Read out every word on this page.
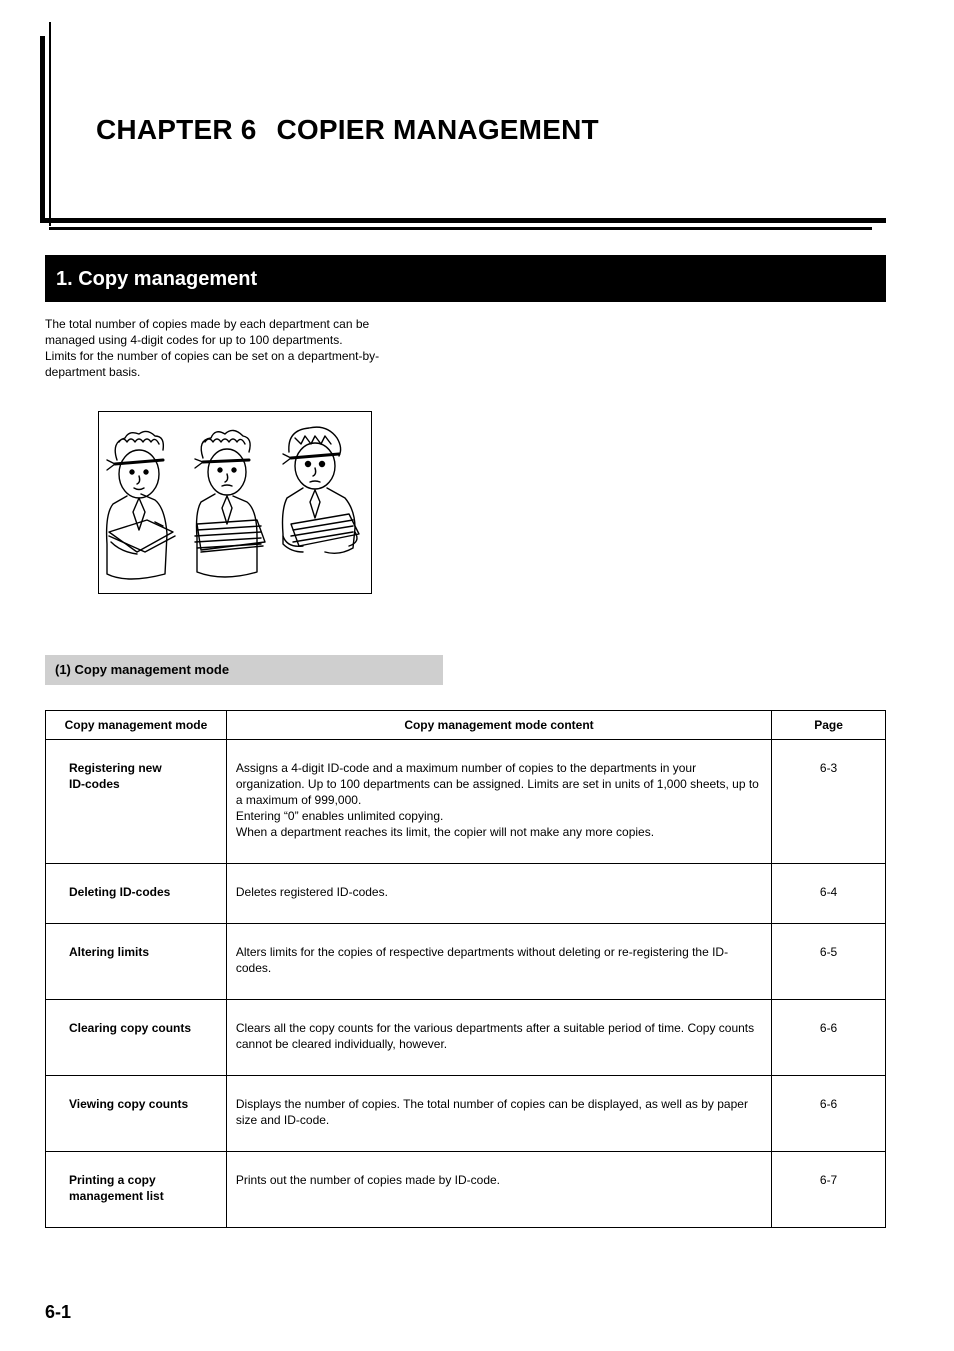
CHAPTER 6 COPIER MANAGEMENT
1. Copy management

The total number of copies made by each department can be

managed using 4-digit codes for up to 100 departments.

Limits for the number of copies can be set on a department-by-

department basis.

(1) Copy management mode
Copy management mode	Copy management mode content	Page
Registering new
ID-codes	Assigns a 4-digit ID-code and a maximum number of copies to the departments in your organization. Up to 100 departments can be assigned. Limits are set in units of 1,000 sheets, up to a maximum of 999,000.
Entering “0” enables unlimited copying.
When a department reaches its limit, the copier will not make any more copies.	6-3
Deleting ID-codes	Deletes registered ID-codes.	6-4
Altering limits	Alters limits for the copies of respective departments without deleting or re-registering the ID-codes.	6-5
Clearing copy counts	Clears all the copy counts for the various departments after a suitable period of time. Copy counts cannot be cleared individually, however.	6-6
Viewing copy counts	Displays the number of copies. The total number of copies can be displayed, as well as by paper size and ID-code.	6-6
Printing a copy
management list	Prints out the number of copies made by ID-code.	6-7
6-1
